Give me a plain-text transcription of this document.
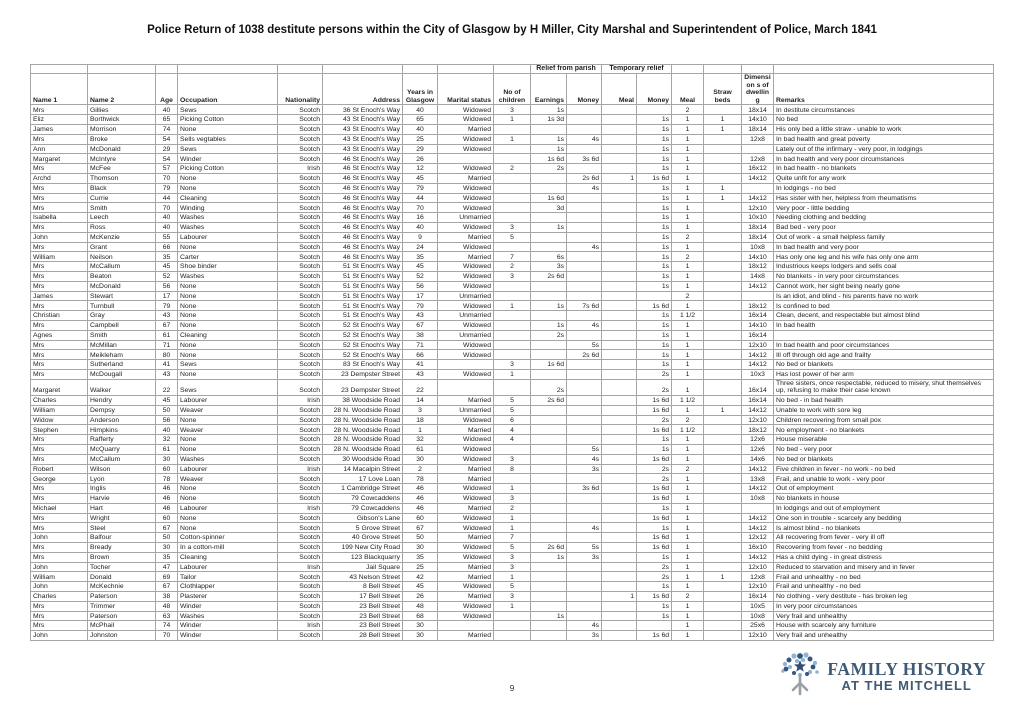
Police Return of 1038 destitute persons within the City of Glasgow by H Miller, City Marshal and Superintendent of Police, March 1841
									Relief from parish		Temporary relief					
Name 1	Name 2	Age	Occupation	Nationality	Address	Years in Glasgow	Marital status	No of children	Earnings	Money	Meal	Money	Meal	Straw beds	Dimension s of dwelling	Remarks
Mrs	Gillies	40	Sews	Scotch	36 St Enoch's Way	40	Widowed	3	1s				2		18x14	In destitute circumstances
Eliz	Borthwick	65	Picking Cotton	Scotch	43 St Enoch's Way	65	Widowed	1	1s 3d			1s	1	1	14x10	No bed
James	Morrison	74	None	Scotch	43 St Enoch's Way	40	Married					1s	1	1	18x14	His only bed a little straw - unable to work
Mrs	Broke	54	Sells vegtables	Scotch	43 St Enoch's Way	25	Widowed	1	1s	4s		1s	1		12x8	In bad health and great poverty
Ann	McDonald	29	Sews	Scotch	43 St Enoch's Way	29	Widowed		1s			1s	1			Lately out of the infirmary - very poor, in lodgings
Margaret	McIntyre	54	Winder	Scotch	46 St Enoch's Way	26			1s 6d	3s 6d		1s	1		12x8	In bad health and very poor circumstances
Mrs	McFee	57	Picking Cotton	Irish	46 St Enoch's Way	12	Widowed	2	2s			1s	1		16x12	In bad health - no blankets
Archd	Thomson	70	None	Scotch	46 St Enoch's Way	45	Married			2s 6d	1	1s 6d	1		14x12	Quite unfit for any work
Mrs	Black	79	None	Scotch	46 St Enoch's Way	79	Widowed			4s		1s	1	1		In lodgings - no bed
Mrs	Currie	44	Cleaning	Scotch	46 St Enoch's Way	44	Widowed		1s 6d			1s	1	1	14x12	Has sister with her, helpless from rheumatisms
Mrs	Smith	70	Winding	Scotch	46 St Enoch's Way	70	Widowed		3d			1s	1		12x10	Very poor - little bedding
Isabella	Leech	40	Washes	Scotch	46 St Enoch's Way	16	Unmarried					1s	1		10x10	Needing clothing and bedding
Mrs	Ross	40	Washes	Scotch	46 St Enoch's Way	40	Widowed	3	1s			1s	1		18x14	Bad bed - very poor
John	McKenzie	55	Labourer	Scotch	46 St Enoch's Way	9	Married	5				1s	2		18x14	Out of work - a small helpless family
Mrs	Grant	66	None	Scotch	46 St Enoch's Way	24	Widowed			4s		1s	1		10x8	In bad health and very poor
William	Neilson	35	Carter	Scotch	46 St Enoch's Way	35	Married	7	6s			1s	2		14x10	Has only one leg and his wife has only one arm
Mrs	McCallum	45	Shoe binder	Scotch	51 St Enoch's Way	45	Widowed	2	3s			1s	1		18x12	Industrious keeps lodgers and sells coal
Mrs	Beaton	52	Washes	Scotch	51 St Enoch's Way	52	Widowed	3	2s 6d			1s	1		14x8	No blankets - in very poor circumstances
Mrs	McDonald	56	None	Scotch	51 St Enoch's Way	56	Widowed					1s	1		14x12	Cannot work, her sight being nearly gone
James	Stewart	17	None	Scotch	51 St Enoch's Way	17	Unmarried						2			Is an idiot, and blind - his parents have no work
Mrs	Turnbull	79	None	Scotch	51 St Enoch's Way	79	Widowed	1	1s	7s 6d		1s 6d	1		18x12	Is confined to bed
Christian	Gray	43	None	Scotch	51 St Enoch's Way	43	Unmarried					1s	1 1/2		16x14	Clean, decent, and respectable but almost blind
Mrs	Campbell	67	None	Scotch	52 St Enoch's Way	67	Widowed		1s	4s		1s	1		14x10	In bad health
Agnes	Smith	61	Cleaning	Scotch	52 St Enoch's Way	38	Unmarried		2s			1s	1		16x14	
Mrs	McMillan	71	None	Scotch	52 St Enoch's Way	71	Widowed			5s		1s	1		12x10	In bad health and poor circumstances
Mrs	Meikleham	80	None	Scotch	52 St Enoch's Way	66	Widowed			2s 6d		1s	1		14x12	Ill off through old age and frailty
Mrs	Sutherland	41	Sews	Scotch	83 St Enoch's Way	41		3	1s 6d			1s	1		14x12	No bed or blankets
Mrs	McDougall	43	None	Scotch	23 Dempster Street	43	Widowed	1				2s	1		10x3	Has lost power of her arm
Margaret	Walker	22	Sews	Scotch	23 Dempster Street	22			2s			2s	1		16x14	Three sisters, once respectable, reduced to misery, shut themselves up, refusing to make their case known
Charles	Hendry	45	Labourer	Irish	38 Woodside Road	14	Married	5	2s 6d			1s 6d	1 1/2		16x14	No bed - in bad health
William	Dempsy	50	Weaver	Scotch	28 N. Woodside Road	3	Unmarried	5				1s 6d	1	1	14x12	Unable to work with sore leg
Widow	Anderson	56	None	Scotch	28 N. Woodside Road	18	Widowed	6				2s	2		12x10	Children recovering from small pox
Stephen	Himpkins	40	Weaver	Scotch	28 N. Woodside Road	1	Married	4				1s 6d	1 1/2		18x12	No employment - no blankets
Mrs	Rafferty	32	None	Scotch	28 N. Woodside Road	32	Widowed	4				1s	1		12x6	House miserable
Mrs	McQuarry	61	None	Scotch	28 N. Woodside Road	61	Widowed			5s		1s	1		12x6	No bed - very poor
Mrs	McCallum	30	Washes	Scotch	30 Woodside Road	30	Widowed	3		4s		1s 6d	1		14x6	No bed or blankets
Robert	Wilson	60	Labourer	Irish	14 Macalpin Street	2	Married	8		3s		2s	2		14x12	Five children in fever - no work - no bed
George	Lyon	78	Weaver	Scotch	17 Love Loan	78	Married					2s	1		13x8	Frail, and unable to work - very poor
Mrs	Inglis	46	None	Scotch	1 Cambridge Street	46	Widowed	1		3s 6d		1s 6d	1		14x12	Out of employment
Mrs	Harvie	46	None	Scotch	79 Cowcaddens	46	Widowed	3				1s 6d	1		10x8	No blankets in house
Michael	Hart	46	Labourer	Irish	79 Cowcaddens	46	Married	2				1s	1			In lodgings and out of employment
Mrs	Wright	60	None	Scotch	Gibson's Lane	60	Widowed	1				1s 6d	1		14x12	One son in trouble - scarcely any bedding
Mrs	Steel	67	None	Scotch	5 Grove Street	67	Widowed	1		4s		1s	1		14x12	Is almost blind - no blankets
John	Balfour	50	Cotton-spinner	Scotch	40 Grove Street	50	Married	7				1s 6d	1		12x12	All recovering from fever - very ill off
Mrs	Bready	30	In a cotton-mill	Scotch	199 New City Road	30	Widowed	5	2s 6d	5s		1s 6d	1		16x10	Recovering from fever - no bedding
Mrs	Brown	35	Cleaning	Scotch	123 Blackquarry	35	Widowed	3	1s	3s		1s	1		14x12	Has a child dying - in great distress
John	Tocher	47	Labourer	Irish	Jail Square	25	Married	3				2s	1		12x10	Reduced to starvation and misery and in fever
William	Donald	69	Tailor	Scotch	43 Nelson Street	42	Married	1				2s	1	1	12x8	Frail and unhealthy - no bed
John	McKechnie	67	Clothlapper	Scotch	8 Bell Street	45	Widowed	5				1s	1		12x10	Frail and unhealthy - no bed
Charles	Paterson	38	Plasterer	Scotch	17 Bell Street	26	Married	3			1	1s 6d	2		16x14	No clothing - very destitute - has broken leg
Mrs	Trimmer	48	Winder	Scotch	23 Bell Street	48	Widowed	1				1s	1		10x5	In very poor circumstances
Mrs	Paterson	63	Washes	Scotch	23 Bell Street	68	Widowed		1s			1s	1		10x8	Very frail and unhealthy
Mrs	McPhail	74	Winder	Irish	23 Bell Street	30				4s			1		25x6	House with scarcely any furniture
John	Johnston	70	Winder	Scotch	28 Bell Street	30	Married			3s		1s 6d	1		12x10	Very frail and unhealthy
9
FAMILY HISTORY
AT THE MITCHELL
